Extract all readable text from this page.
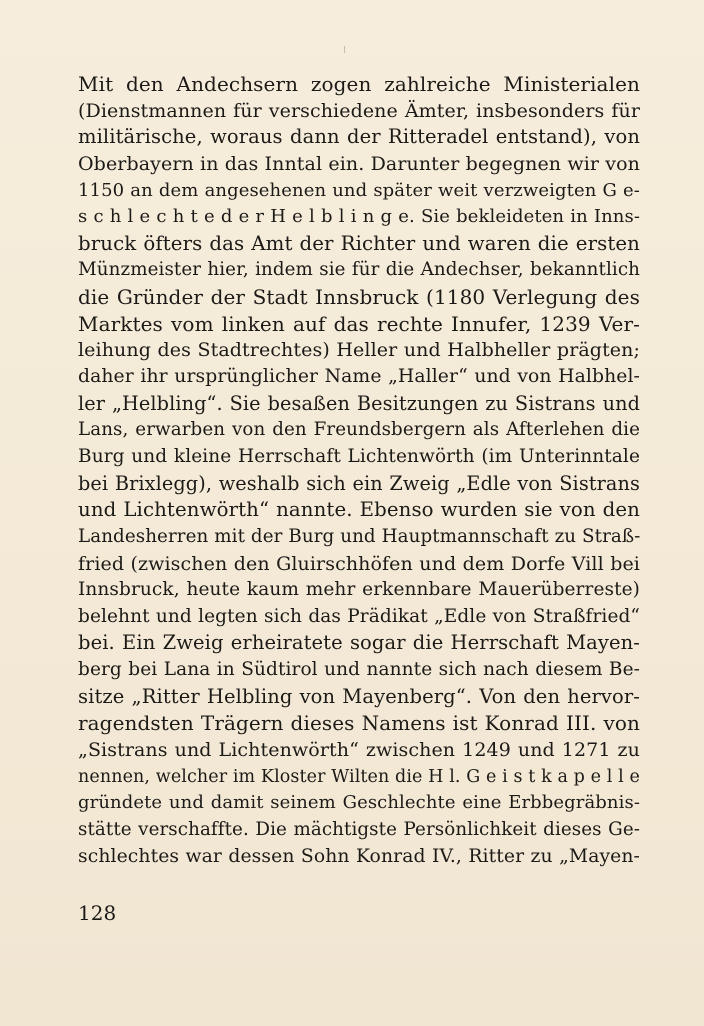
Mit den Andechsern zogen zahlreiche Ministerialen
(Dienstmannen für verschiedene Ämter, insbesonders für
militärische, woraus dann der Ritteradel entstand), von
Oberbayern in das Inntal ein. Darunter begegnen wir von
1150 an dem angesehenen und später weit verzweigten G e-
s c h l e c h t e d e r H e l b l i n g e. Sie bekleideten in Inns-
bruck öfters das Amt der Richter und waren die ersten
Münzmeister hier, indem sie für die Andechser, bekanntlich
die Gründer der Stadt Innsbruck (1180 Verlegung des
Marktes vom linken auf das rechte Innufer, 1239 Ver-
leihung des Stadtrechtes) Heller und Halbheller prägten;
daher ihr ursprünglicher Name „Haller“ und von Halbhel-
ler „Helbling“. Sie besaßen Besitzungen zu Sistrans und
Lans, erwarben von den Freundsbergern als Afterlehen die
Burg und kleine Herrschaft Lichtenwörth (im Unterinntale
bei Brixlegg), weshalb sich ein Zweig „Edle von Sistrans
und Lichtenwörth“ nannte. Ebenso wurden sie von den
Landesherren mit der Burg und Hauptmannschaft zu Straß-
fried (zwischen den Gluirschhöfen und dem Dorfe Vill bei
Innsbruck, heute kaum mehr erkennbare Mauerüberreste)
belehnt und legten sich das Prädikat „Edle von Straßfried“
bei. Ein Zweig erheiratete sogar die Herrschaft Mayen-
berg bei Lana in Südtirol und nannte sich nach diesem Be-
sitze „Ritter Helbling von Mayenberg“. Von den hervor-
ragendsten Trägern dieses Namens ist Konrad III. von
„Sistrans und Lichtenwörth“ zwischen 1249 und 1271 zu
nennen, welcher im Kloster Wilten die H l. G e i s t k a p e l l e
gründete und damit seinem Geschlechte eine Erbbegräbnis-
stätte verschaffte. Die mächtigste Persönlichkeit dieses Ge-
schlechtes war dessen Sohn Konrad IV., Ritter zu „Mayen-
128
